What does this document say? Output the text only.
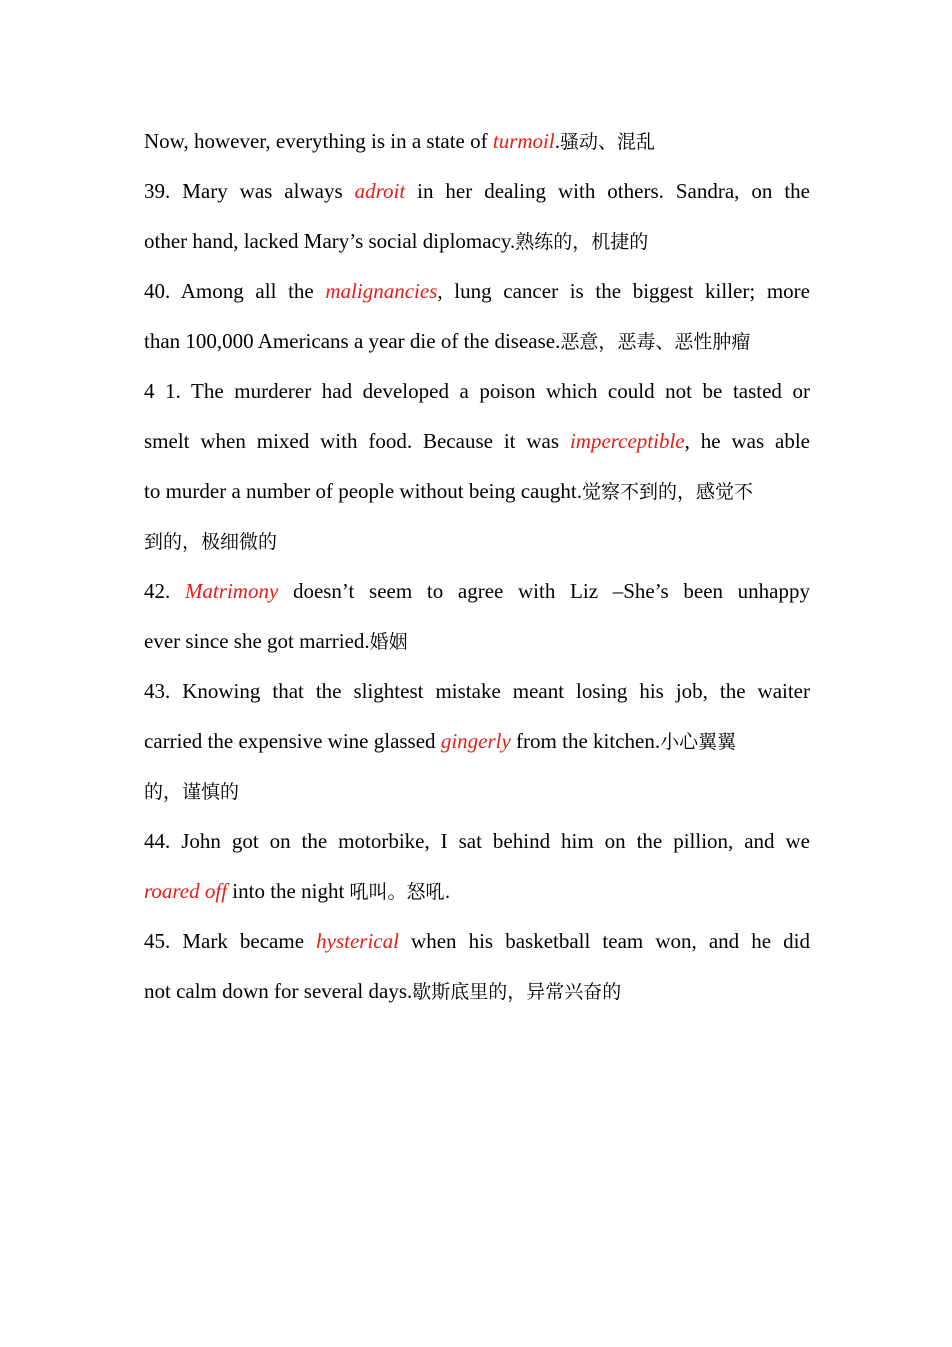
Now, however, everything is in a state of turmoil.骚动、混乱
39. Mary was always adroit in her dealing with others. Sandra, on the
other hand, lacked Mary’s social diplomacy.熟练的，机捷的
40. Among all the malignancies, lung cancer is the biggest killer; more
than 100,000 Americans a year die of the disease.恶意，恶毒、恶性肿瘤
4 1. The murderer had developed a poison which could not be tasted or
smelt when mixed with food. Because it was imperceptible, he was able
to murder a number of people without being caught.觉察不到的，感觉不
到的，极细微的
42. Matrimony doesn’t seem to agree with Liz –She’s been unhappy
ever since she got married.婚姻
43. Knowing that the slightest mistake meant losing his job, the waiter
carried the expensive wine glassed gingerly from the kitchen.小心翼翼
的，谨慎的
44. John got on the motorbike, I sat behind him on the pillion, and we
roared off into the night 吼叫。怒吼.
45. Mark became hysterical when his basketball team won, and he did
not calm down for several days.歇斯底里的，异常兴奋的
